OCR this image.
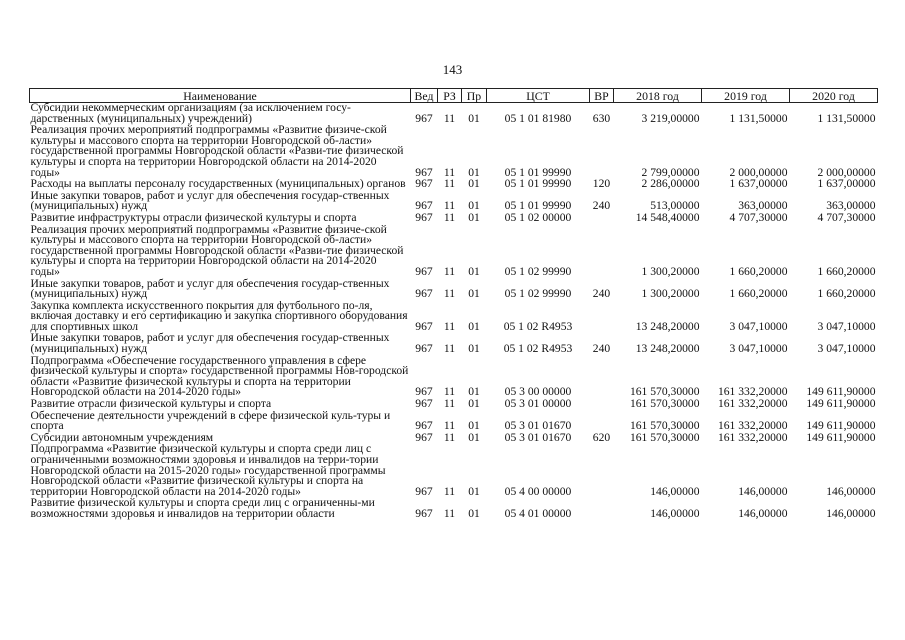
143
Наименование	Вед	РЗ	Пр	ЦСТ	ВР	2018 год	2019 год	2020 год
Субсидии некоммерческим организациям (за исключением госу-дарственных (муниципальных) учреждений)	967	11	01	05 1 01 81980	630	3 219,00000	1 131,50000	1 131,50000
Реализация прочих мероприятий подпрограммы «Развитие физиче-ской культуры и массового спорта на территории Новгородской об-ласти» государственной программы Новгородской области «Разви-тие физической культуры и спорта на территории Новгородской области на 2014-2020 годы»	967	11	01	05 1 01 99990		2 799,00000	2 000,00000	2 000,00000
Расходы на выплаты персоналу государственных (муниципальных) органов	967	11	01	05 1 01 99990	120	2 286,00000	1 637,00000	1 637,00000
Иные закупки товаров, работ и услуг для обеспечения государ-ственных (муниципальных) нужд	967	11	01	05 1 01 99990	240	513,00000	363,00000	363,00000
Развитие инфраструктуры отрасли физической культуры и спорта	967	11	01	05 1 02 00000		14 548,40000	4 707,30000	4 707,30000
Реализация прочих мероприятий подпрограммы «Развитие физиче-ской культуры и массового спорта на территории Новгородской об-ласти» государственной программы Новгородской области «Разви-тие физической культуры и спорта на территории Новгородской области на 2014-2020 годы»	967	11	01	05 1 02 99990		1 300,20000	1 660,20000	1 660,20000
Иные закупки товаров, работ и услуг для обеспечения государ-ственных (муниципальных) нужд	967	11	01	05 1 02 99990	240	1 300,20000	1 660,20000	1 660,20000
Закупка комплекта искусственного покрытия для футбольного по-ля, включая доставку и его сертификацию и закупка спортивного оборудования для спортивных школ	967	11	01	05 1 02 R4953		13 248,20000	3 047,10000	3 047,10000
Иные закупки товаров, работ и услуг для обеспечения государ-ственных (муниципальных) нужд	967	11	01	05 1 02 R4953	240	13 248,20000	3 047,10000	3 047,10000
Подпрограмма «Обеспечение государственного управления в сфере физической культуры и спорта» государственной программы Нов-городской области «Развитие физической культуры и спорта на территории Новгородской области на 2014-2020 годы»	967	11	01	05 3 00 00000		161 570,30000	161 332,20000	149 611,90000
Развитие отрасли физической культуры и спорта	967	11	01	05 3 01 00000		161 570,30000	161 332,20000	149 611,90000
Обеспечение деятельности учреждений в сфере физической куль-туры и спорта	967	11	01	05 3 01 01670		161 570,30000	161 332,20000	149 611,90000
Субсидии автономным учреждениям	967	11	01	05 3 01 01670	620	161 570,30000	161 332,20000	149 611,90000
Подпрограмма «Развитие физической культуры и спорта среди лиц с ограниченными возможностями здоровья и инвалидов на терри-тории Новгородской области на 2015-2020 годы» государственной программы Новгородской области «Развитие физической культуры и спорта на территории Новгородской области на 2014-2020 годы»	967	11	01	05 4 00 00000		146,00000	146,00000	146,00000
Развитие физической культуры и спорта среди лиц с ограниченны-ми возможностями здоровья и инвалидов на территории области	967	11	01	05 4 01 00000		146,00000	146,00000	146,00000
